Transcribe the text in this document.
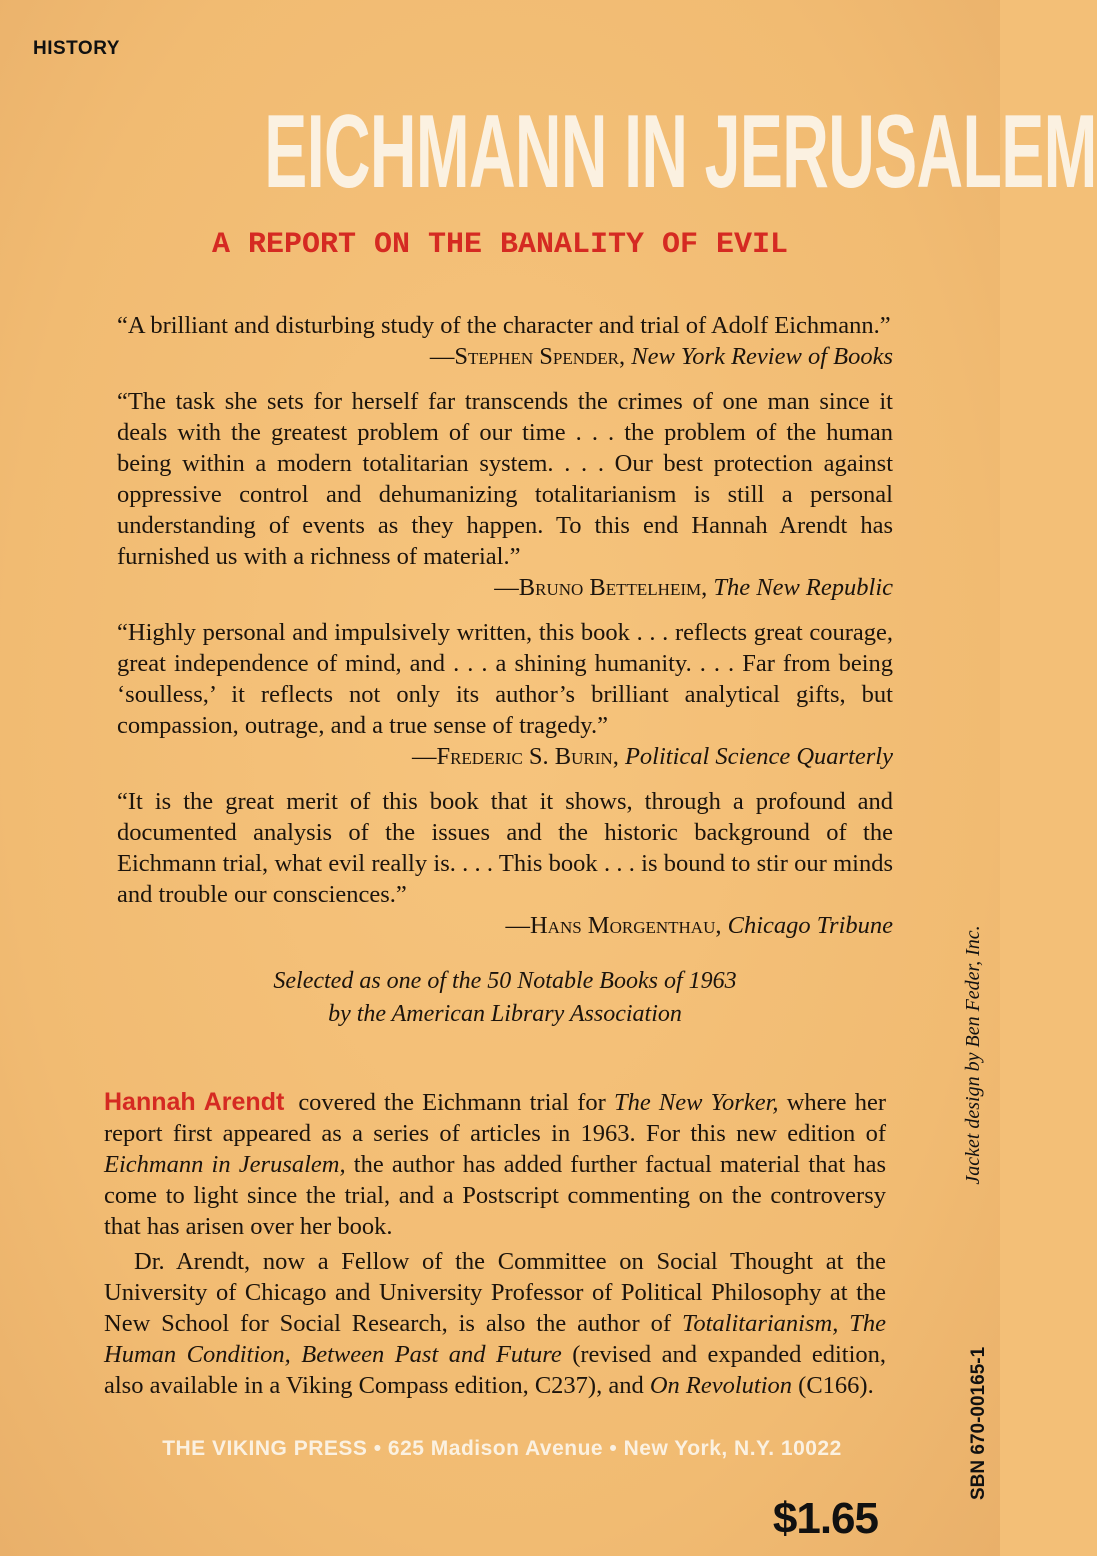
HISTORY
EICHMANN IN JERUSALEM
A REPORT ON THE BANALITY OF EVIL
“A brilliant and disturbing study of the character and trial of Adolf Eichmann.”
—Stephen Spender, New York Review of Books
“The task she sets for herself far transcends the crimes of one man since it deals with the greatest problem of our time . . . the problem of the human being within a modern totalitarian system. . . . Our best protection against oppressive control and dehumanizing totalitarianism is still a personal understanding of events as they happen. To this end Hannah Arendt has furnished us with a richness of material.”
—Bruno Bettelheim, The New Republic
“Highly personal and impulsively written, this book . . . reflects great courage, great independence of mind, and . . . a shining humanity. . . . Far from being ‘soulless,’ it reflects not only its author’s brilliant analytical gifts, but compassion, outrage, and a true sense of tragedy.”
—Frederic S. Burin, Political Science Quarterly
“It is the great merit of this book that it shows, through a profound and documented analysis of the issues and the historic background of the Eichmann trial, what evil really is. . . . This book . . . is bound to stir our minds and trouble our consciences.”
—Hans Morgenthau, Chicago Tribune
Selected as one of the 50 Notable Books of 1963
by the American Library Association

Hannah Arendt covered the Eichmann trial for The New Yorker, where her report first appeared as a series of articles in 1963. For this new edition of Eichmann in Jerusalem, the author has added further factual material that has come to light since the trial, and a Postscript commenting on the controversy that has arisen over her book.

Dr. Arendt, now a Fellow of the Committee on Social Thought at the University of Chicago and University Professor of Political Philosophy at the New School for Social Research, is also the author of Totalitarianism, The Human Condition, Between Past and Future (revised and expanded edition, also available in a Viking Compass edition, C237), and On Revolution (C166).

THE VIKING PRESS • 625 Madison Avenue • New York, N.Y. 10022
$1.65
Jacket design by Ben Feder, Inc.
SBN 670-00165-1
